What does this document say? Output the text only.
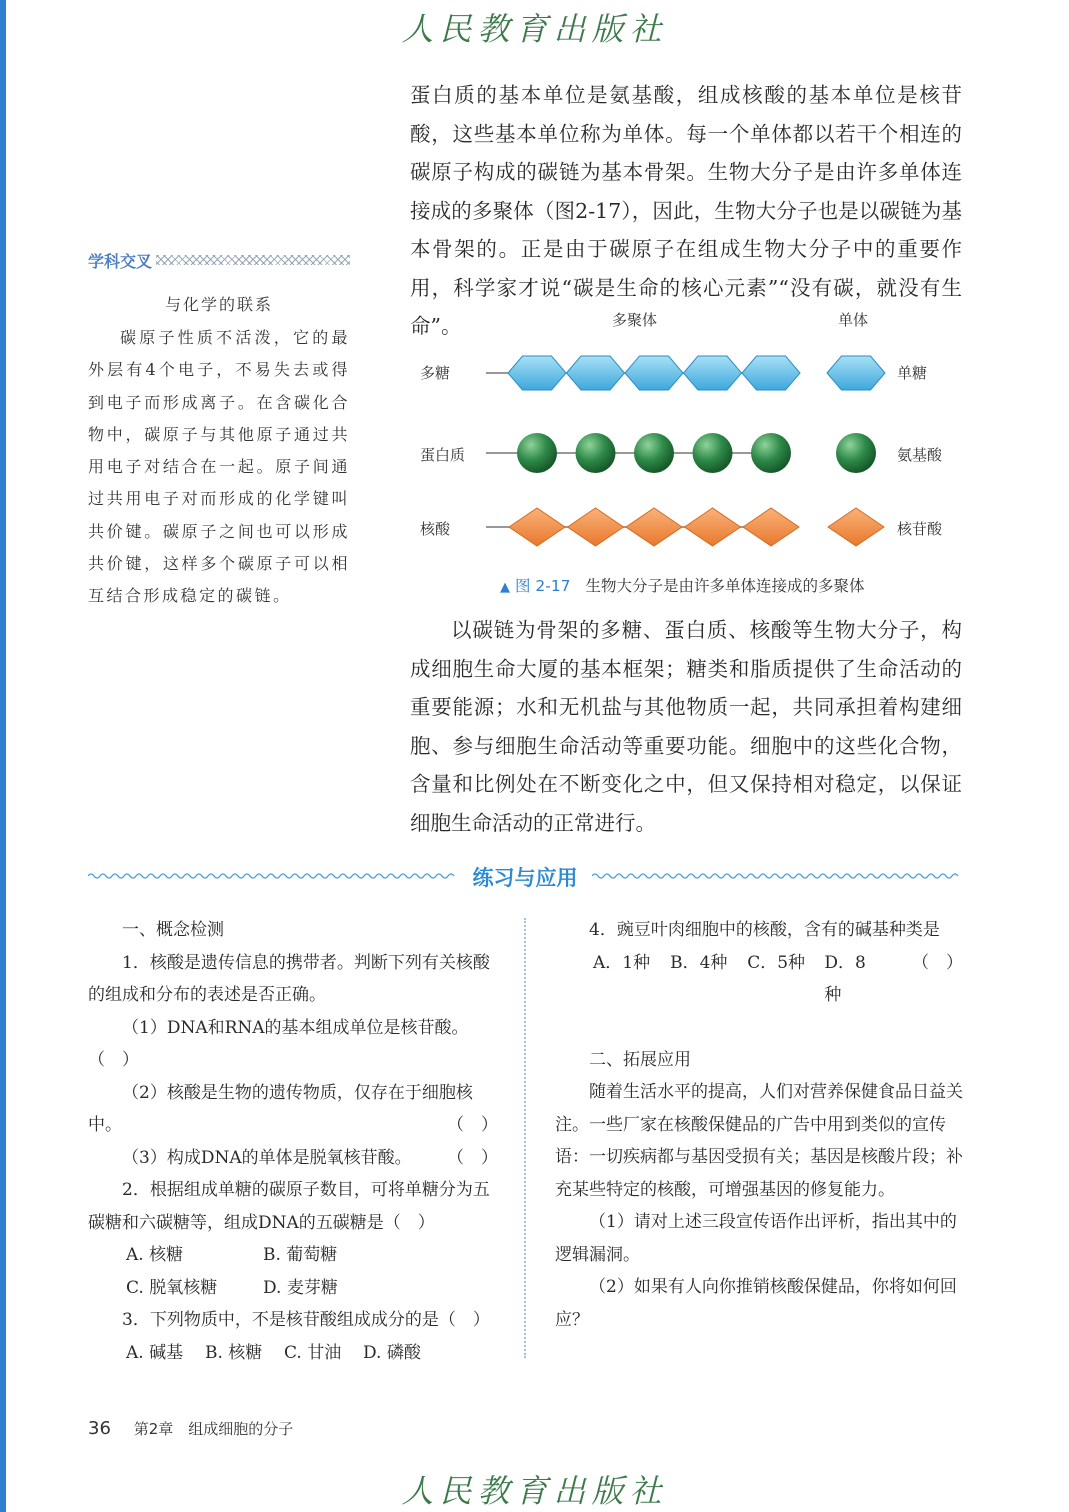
人民教育出版社

蛋白质的基本单位是氨基酸，组成核酸的基本单位是核苷酸，这些基本单位称为单体。每一个单体都以若干个相连的碳原子构成的碳链为基本骨架。生物大分子是由许多单体连接成的多聚体（图2-17），因此，生物大分子也是以碳链为基本骨架的。正是由于碳原子在组成生物大分子中的重要作用，科学家才说“碳是生命的核心元素”“没有碳，就没有生命”。

学科交叉
与化学的联系

碳原子性质不活泼，它的最外层有4个电子，不易失去或得到电子而形成离子。在含碳化合物中，碳原子与其他原子通过共用电子对结合在一起。原子间通过共用电子对而形成的化学键叫共价键。碳原子之间也可以形成共价键，这样多个碳原子可以相互结合形成稳定的碳链。

多聚体	单体
多糖
蛋白质
核酸
单糖
氨基酸
核苷酸
▲ 图 2-17 生物大分子是由许多单体连接成的多聚体

以碳链为骨架的多糖、蛋白质、核酸等生物大分子，构成细胞生命大厦的基本框架；糖类和脂质提供了生命活动的重要能源；水和无机盐与其他物质一起，共同承担着构建细胞、参与细胞生命活动等重要功能。细胞中的这些化合物，含量和比例处在不断变化之中，但又保持相对稳定，以保证细胞生命活动的正常进行。

练习与应用

一、概念检测

1．核酸是遗传信息的携带者。判断下列有关核酸的组成和分布的表述是否正确。

（1）DNA和RNA的基本组成单位是核苷酸。（　）

（2）核酸是生物的遗传物质，仅存在于细胞核中。	（　）

（3）构成DNA的单体是脱氧核苷酸。	（　）

2．根据组成单糖的碳原子数目，可将单糖分为五碳糖和六碳糖等，组成DNA的五碳糖是（　）

A. 核糖	B. 葡萄糖
C. 脱氧核糖	D. 麦芽糖

3．下列物质中，不是核苷酸组成成分的是（　）

A. 碱基	B. 核糖	C. 甘油	D. 磷酸

4．豌豆叶肉细胞中的核酸，含有的碱基种类是
（　）

A．1种	B．4种	C．5种	D．8种

二、拓展应用

随着生活水平的提高，人们对营养保健食品日益关注。一些厂家在核酸保健品的广告中用到类似的宣传语：一切疾病都与基因受损有关；基因是核酸片段；补充某些特定的核酸，可增强基因的修复能力。

（1）请对上述三段宣传语作出评析，指出其中的逻辑漏洞。

（2）如果有人向你推销核酸保健品，你将如何回应？

36 第2章　组成细胞的分子
人民教育出版社
